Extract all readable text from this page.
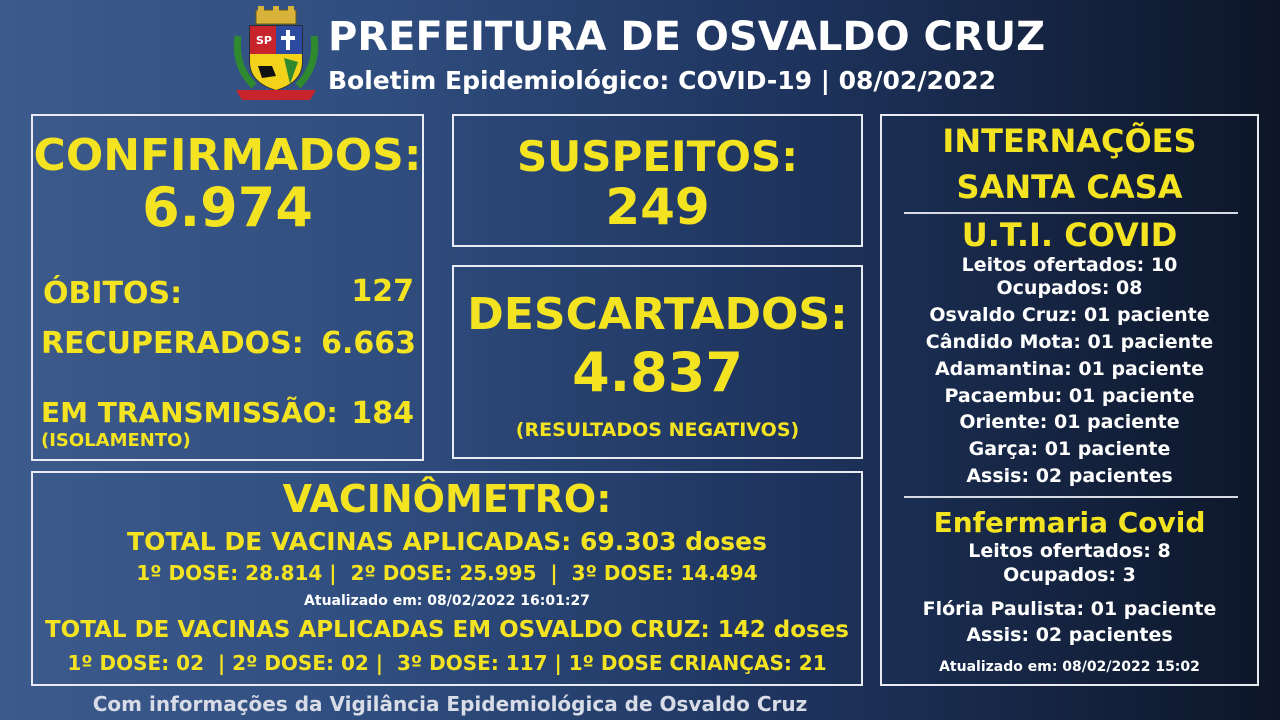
SP PREFEITURA DE OSVALDO CRUZ
Boletim Epidemiológico: COVID-19 | 08/02/2022
CONFIRMADOS:
6.974
ÓBITOS:	127
RECUPERADOS: 6.663
EM TRANSMISSÃO: 184
(ISOLAMENTO)
SUSPEITOS:
249
DESCARTADOS:
4.837
(RESULTADOS NEGATIVOS)
VACINÔMETRO:
TOTAL DE VACINAS APLICADAS: 69.303 doses
1º DOSE: 28.814 |  2º DOSE: 25.995  |  3º DOSE: 14.494
Atualizado em: 08/02/2022 16:01:27
TOTAL DE VACINAS APLICADAS EM OSVALDO CRUZ: 142 doses
1º DOSE: 02  | 2º DOSE: 02 |  3º DOSE: 117 | 1º DOSE CRIANÇAS: 21
INTERNAÇÕES
SANTA CASA
U.T.I. COVID
Leitos ofertados: 10
Ocupados: 08
Osvaldo Cruz: 01 paciente
Cândido Mota: 01 paciente
Adamantina: 01 paciente
Pacaembu: 01 paciente
Oriente: 01 paciente
Garça: 01 paciente
Assis: 02 pacientes
Enfermaria Covid
Leitos ofertados: 8
Ocupados: 3
Flória Paulista: 01 paciente
Assis: 02 pacientes
Atualizado em: 08/02/2022 15:02
Com informações da Vigilância Epidemiológica de Osvaldo Cruz
